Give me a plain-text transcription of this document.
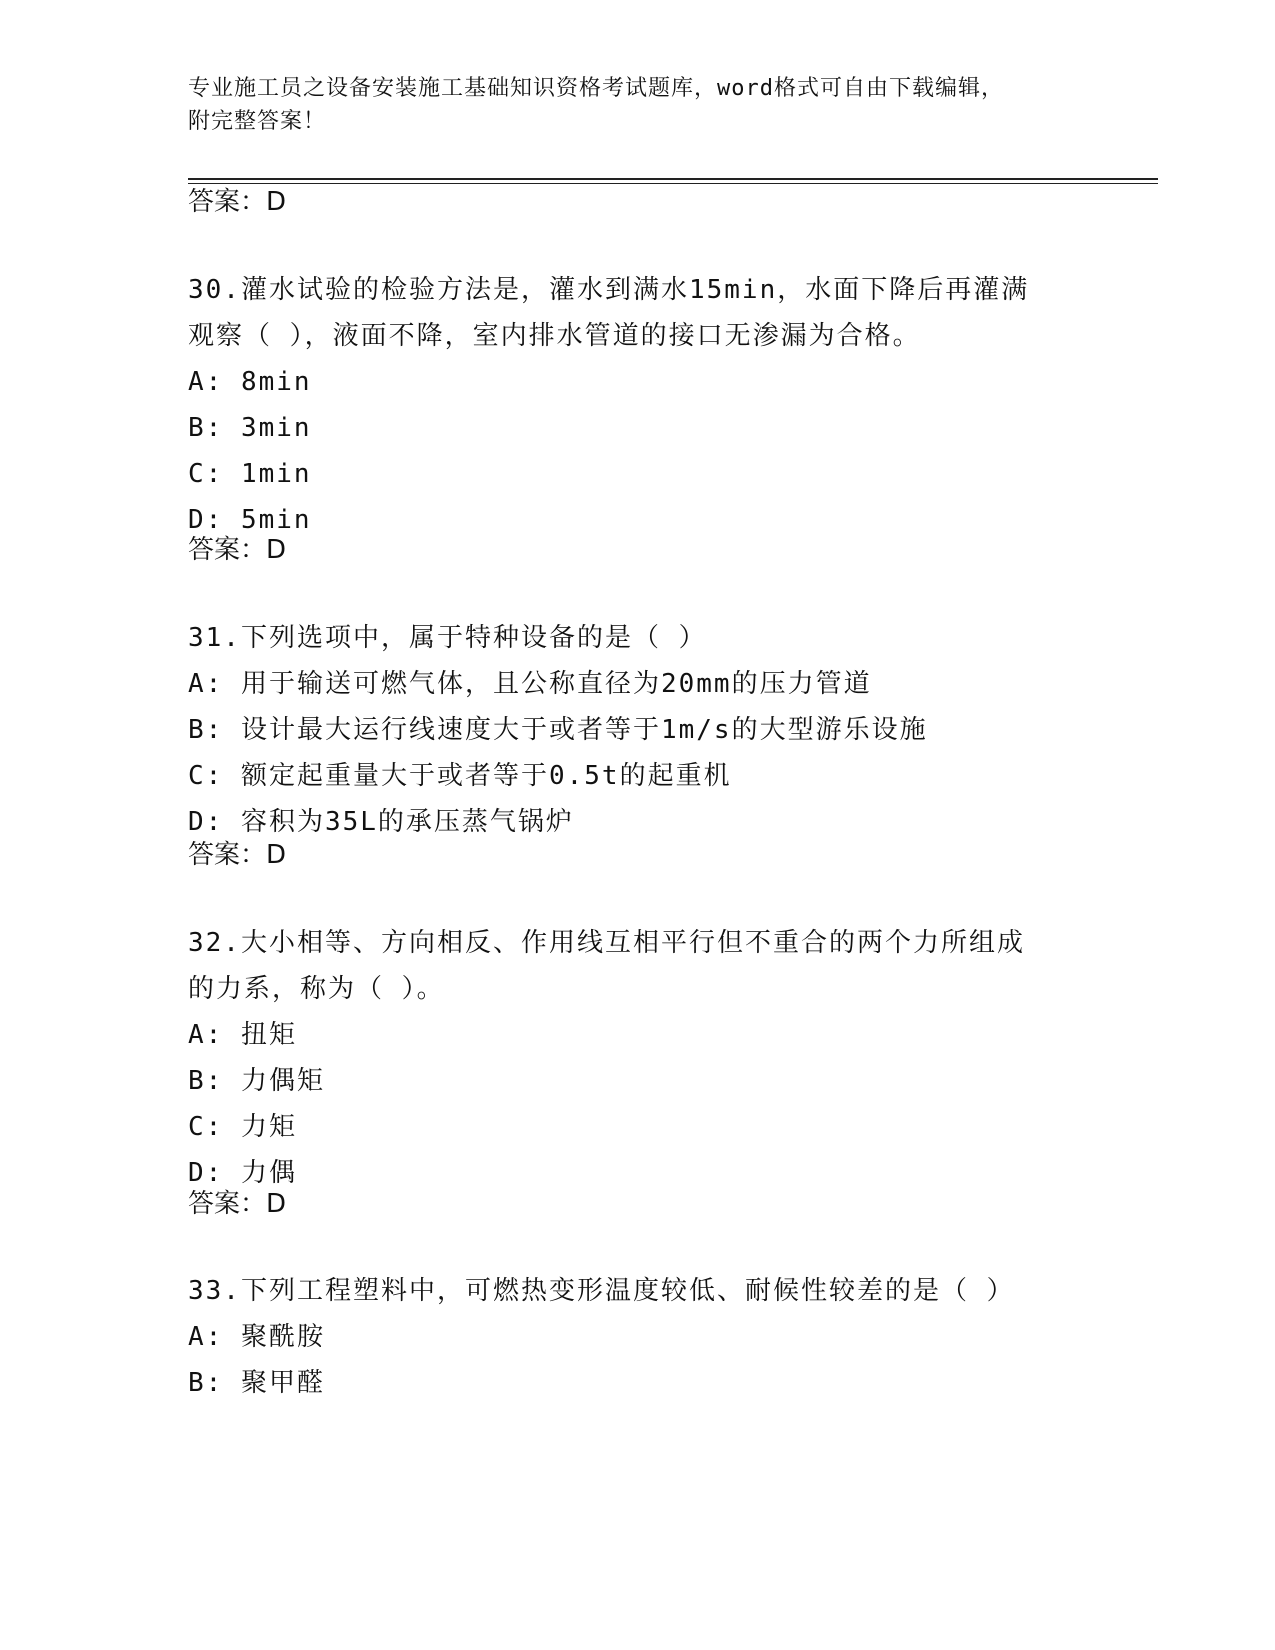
专业施工员之设备安装施工基础知识资格考试题库，word格式可自由下载编辑，
附完整答案！
答案：D
30.灌水试验的检验方法是，灌水到满水15min，水面下降后再灌满观察（ ），液面不降，室内排水管道的接口无渗漏为合格。
A: 8min
B: 3min
C: 1min
D: 5min
答案：D
31.下列选项中，属于特种设备的是（ ）
A: 用于输送可燃气体，且公称直径为20mm的压力管道
B: 设计最大运行线速度大于或者等于1m/s的大型游乐设施
C: 额定起重量大于或者等于0.5t的起重机
D: 容积为35L的承压蒸气锅炉
答案：D
32.大小相等、方向相反、作用线互相平行但不重合的两个力所组成的力系，称为（ ）。
A: 扭矩
B: 力偶矩
C: 力矩
D: 力偶
答案：D
33.下列工程塑料中，可燃热变形温度较低、耐候性较差的是（ ）
A: 聚酰胺
B: 聚甲醛
